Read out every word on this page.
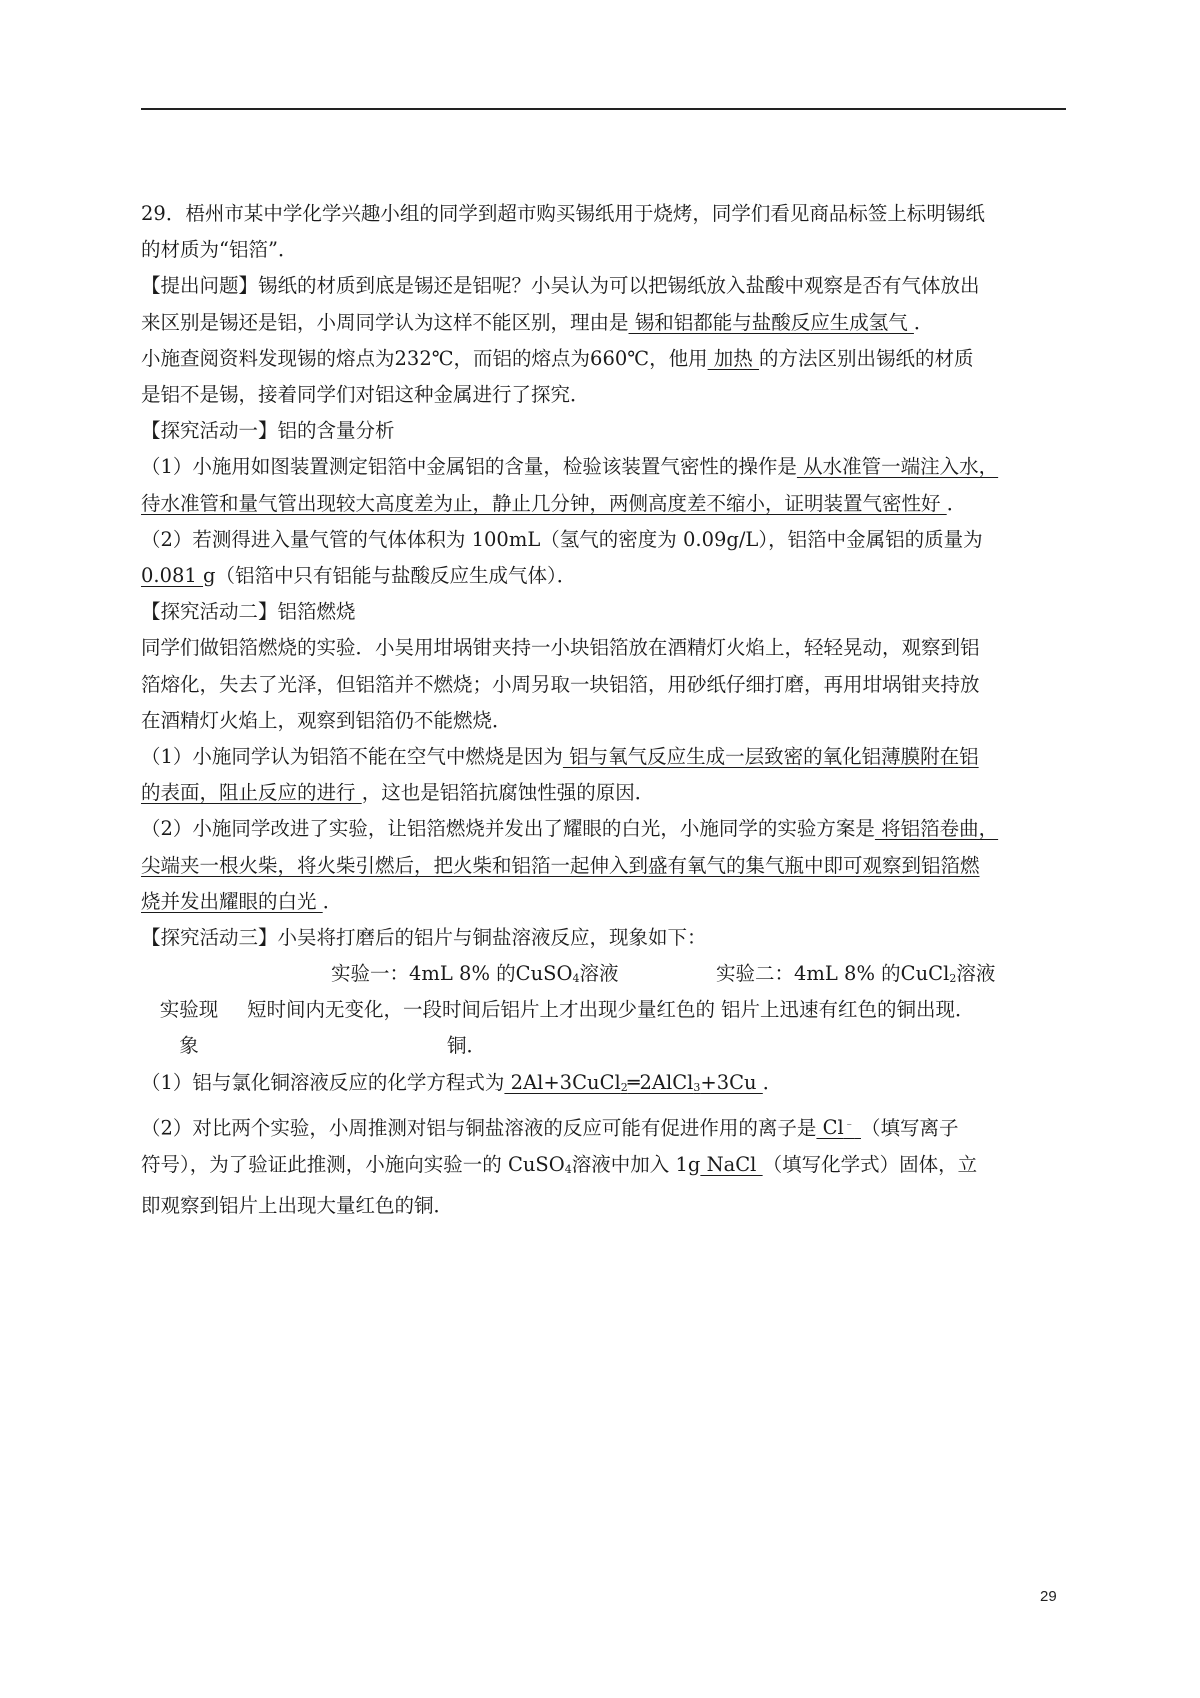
29．梧州市某中学化学兴趣小组的同学到超市购买锡纸用于烧烤，同学们看见商品标签上标明锡纸

的材质为“铝箔”．

【提出问题】锡纸的材质到底是锡还是铝呢？小吴认为可以把锡纸放入盐酸中观察是否有气体放出

来区别是锡还是铝，小周同学认为这样不能区别，理由是 锡和铝都能与盐酸反应生成氢气 ．

小施查阅资料发现锡的熔点为232℃，而铝的熔点为660℃，他用 加热 的方法区别出锡纸的材质

是铝不是锡，接着同学们对铝这种金属进行了探究．

【探究活动一】铝的含量分析

（1）小施用如图装置测定铝箔中金属铝的含量，检验该装置气密性的操作是 从水准管一端注入水，

待水准管和量气管出现较大高度差为止，静止几分钟，两侧高度差不缩小，证明装置气密性好 ．

（2）若测得进入量气管的气体体积为 100mL（氢气的密度为 0.09g/L），铝箔中金属铝的质量为

0.081 g（铝箔中只有铝能与盐酸反应生成气体）．

【探究活动二】铝箔燃烧

同学们做铝箔燃烧的实验．小吴用坩埚钳夹持一小块铝箔放在酒精灯火焰上，轻轻晃动，观察到铝

箔熔化，失去了光泽，但铝箔并不燃烧；小周另取一块铝箔，用砂纸仔细打磨，再用坩埚钳夹持放

在酒精灯火焰上，观察到铝箔仍不能燃烧．

（1）小施同学认为铝箔不能在空气中燃烧是因为 铝与氧气反应生成一层致密的氧化铝薄膜附在铝

的表面，阻止反应的进行 ，这也是铝箔抗腐蚀性强的原因．

（2）小施同学改进了实验，让铝箔燃烧并发出了耀眼的白光，小施同学的实验方案是 将铝箔卷曲，

尖端夹一根火柴，将火柴引燃后，把火柴和铝箔一起伸入到盛有氧气的集气瓶中即可观察到铝箔燃

烧并发出耀眼的白光 ．

【探究活动三】小吴将打磨后的铝片与铜盐溶液反应，现象如下：

实验一：4mL 8% 的CuSO$_4$溶液	实验二：4mL 8% 的CuCl$_2$溶液
实验现
象
短时间内无变化，一段时间后铝片上才出现少量红色的
铜．
铝片上迅速有红色的铜出现．

（1）铝与氯化铜溶液反应的化学方程式为 2Al+3CuCl$_2$═2AlCl$_3$+3Cu ．

（2）对比两个实验，小周推测对铝与铜盐溶液的反应可能有促进作用的离子是 Cl﹣ （填写离子

符号），为了验证此推测，小施向实验一的 CuSO$_4$溶液中加入 1g NaCl （填写化学式）固体，立

即观察到铝片上出现大量红色的铜．

29
